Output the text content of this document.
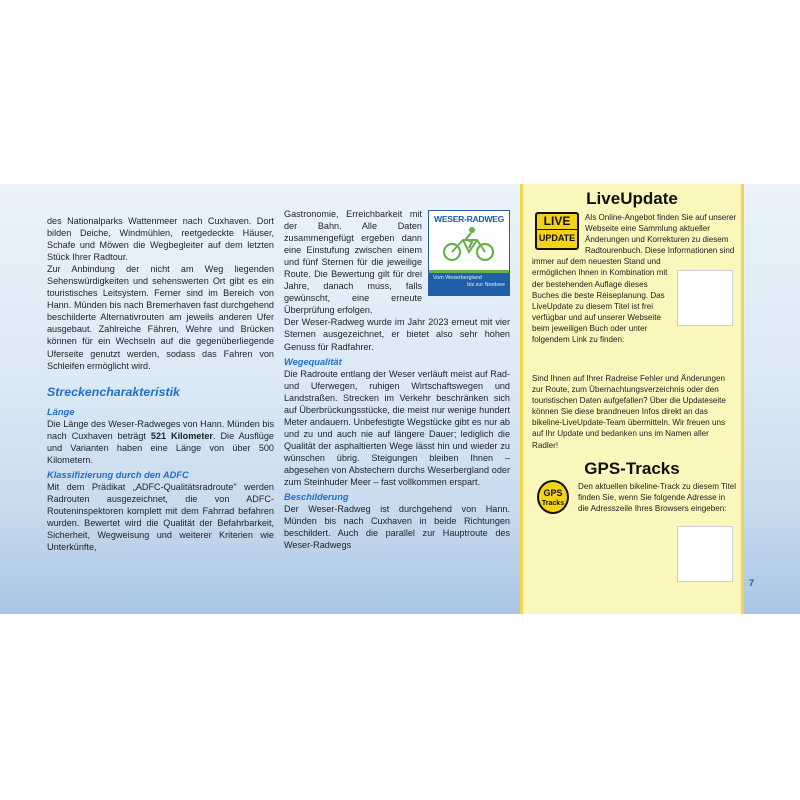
des Nationalparks Wattenmeer nach Cuxhaven. Dort bilden Deiche, Windmühlen, reetgedeckte Häuser, Schafe und Möwen die Wegbegleiter auf dem letzten Stück Ihrer Radtour.

Zur Anbindung der nicht am Weg liegenden Sehenswürdigkeiten und sehenswerten Ort gibt es ein touristisches Leitsystem. Ferner sind im Bereich von Hann. Münden bis nach Bremerhaven fast durchgehend beschilderte Alternativrouten am jeweils anderen Ufer ausgebaut. Zahlreiche Fähren, Wehre und Brücken können für ein Wechseln auf die gegenüberliegende Uferseite genutzt werden, sodass das Fahren von Schleifen ermöglicht wird.

Streckencharakteristik

Länge

Die Länge des Weser-Radweges von Hann. Münden bis nach Cuxhaven beträgt 521 Kilometer. Die Ausflüge und Varianten haben eine Länge von über 500 Kilometern.

Klassifizierung durch den ADFC

Mit dem Prädikat „ADFC-Qualitätsradroute" werden Radrouten ausgezeichnet, die von ADFC-Routeninspektoren komplett mit dem Fahrrad befahren wurden. Bewertet wird die Qualität der Befahrbarkeit, Sicherheit, Wegweisung und weiterer Kriterien wie Unterkünfte,

WESER-RADWEG
Vom Weserbergland
bis zur Nordsee

Gastronomie, Erreichbarkeit mit der Bahn. Alle Daten zusammengefügt ergeben dann eine Einstufung zwischen einem und fünf Sternen für die jeweilige Route. Die Bewertung gilt für drei Jahre, danach muss, falls gewünscht, eine erneute Überprüfung erfolgen.

Der Weser-Radweg wurde im Jahr 2023 erneut mit vier Sternen ausgezeichnet, er bietet also sehr hohen Genuss für Radfahrer.

Wegequalität

Die Radroute entlang der Weser verläuft meist auf Rad- und Uferwegen, ruhigen Wirtschaftswegen und Landstraßen. Strecken im Verkehr beschränken sich auf Überbrückungsstücke, die meist nur wenige hundert Meter andauern. Unbefestigte Wegstücke gibt es nur ab und zu und auch nie auf längere Dauer; lediglich die Qualität der asphaltierten Wege lässt hin und wieder zu wünschen übrig. Steigungen bleiben Ihnen – abgesehen von Abstechern durchs Weserbergland oder zum Steinhuder Meer – fast vollkommen erspart.

Beschilderung

Der Weser-Radweg ist durchgehend von Hann. Münden bis nach Cuxhaven in beide Richtungen beschildert. Auch die parallel zur Hauptroute des Weser-Radwegs

LiveUpdate
LIVE
UPDATE

Als Online-Angebot finden Sie auf unserer Webseite eine Sammlung aktueller Änderungen und Korrekturen zu diesem Radtourenbuch. Diese Informationen sind immer auf dem neuesten Stand und ermöglichen Ihnen in Kombination mit der bestehenden Auflage dieses Buches die beste Reiseplanung. Das LiveUpdate zu diesem Titel ist frei verfügbar und auf unserer Webseite beim jeweiligen Buch oder unter folgendem Link zu finden:

Sind Ihnen auf Ihrer Radreise Fehler und Änderungen zur Route, zum Übernachtungsverzeichnis oder den touristischen Daten aufgefallen? Über die Updateseite können Sie diese brandneuen Infos direkt an das bikeline-LiveUpdate-Team übermitteln. Wir freuen uns auf Ihr Update und bedanken uns im Namen aller Radler!

GPS-Tracks
GPS
Tracks

Den aktuellen bikeline-Track zu diesem Titel finden Sie, wenn Sie folgende Adresse in die Adresszeile Ihres Browsers eingeben:

7
